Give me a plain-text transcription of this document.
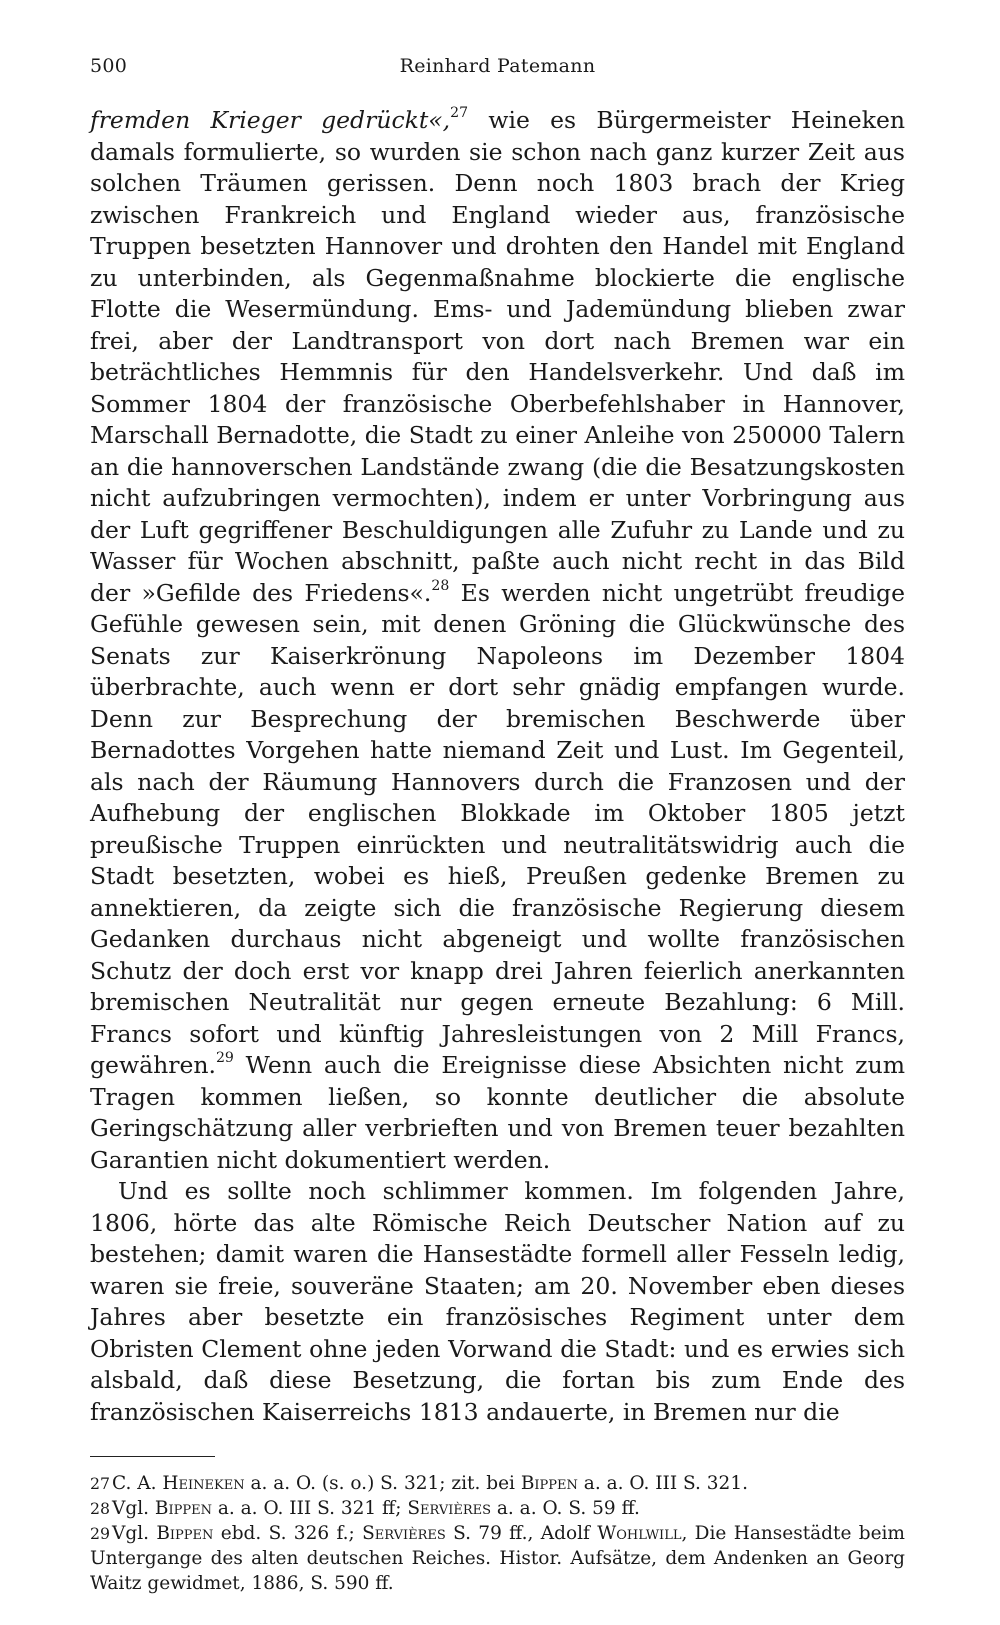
500	Reinhard Patemann

fremden Krieger gedrückt«,$^{27}$ wie es Bürgermeister Heineken damals formulierte, so wurden sie schon nach ganz kurzer Zeit aus solchen Träumen gerissen. Denn noch 1803 brach der Krieg zwischen Frankreich und England wieder aus, französische Truppen besetzten Hannover und drohten den Handel mit England zu unterbinden, als Gegenmaßnahme blockierte die englische Flotte die Wesermündung. Ems- und Jademündung blieben zwar frei, aber der Landtransport von dort nach Bremen war ein beträchtliches Hemmnis für den Handelsverkehr. Und daß im Sommer 1804 der französische Oberbefehlshaber in Hannover, Marschall Bernadotte, die Stadt zu einer Anleihe von 250000 Talern an die hannoverschen Landstände zwang (die die Besatzungskosten nicht aufzubringen vermochten), indem er unter Vorbringung aus der Luft gegriffener Beschuldigungen alle Zufuhr zu Lande und zu Wasser für Wochen abschnitt, paßte auch nicht recht in das Bild der »Gefilde des Friedens«.$^{28}$ Es werden nicht ungetrübt freudige Gefühle gewesen sein, mit denen Gröning die Glückwünsche des Senats zur Kaiserkrönung Napoleons im Dezember 1804 überbrachte, auch wenn er dort sehr gnädig empfangen wurde. Denn zur Besprechung der bremischen Beschwerde über Bernadottes Vorgehen hatte niemand Zeit und Lust. Im Gegenteil, als nach der Räumung Hannovers durch die Franzosen und der Aufhebung der englischen Blokkade im Oktober 1805 jetzt preußische Truppen einrückten und neutralitätswidrig auch die Stadt besetzten, wobei es hieß, Preußen gedenke Bremen zu annektieren, da zeigte sich die französische Regierung diesem Gedanken durchaus nicht abgeneigt und wollte französischen Schutz der doch erst vor knapp drei Jahren feierlich anerkannten bremischen Neutralität nur gegen erneute Bezahlung: 6 Mill. Francs sofort und künftig Jahresleistungen von 2 Mill Francs, gewähren.$^{29}$ Wenn auch die Ereignisse diese Absichten nicht zum Tragen kommen ließen, so konnte deutlicher die absolute Geringschätzung aller verbrieften und von Bremen teuer bezahlten Garantien nicht dokumentiert werden.

Und es sollte noch schlimmer kommen. Im folgenden Jahre, 1806, hörte das alte Römische Reich Deutscher Nation auf zu bestehen; damit waren die Hansestädte formell aller Fesseln ledig, waren sie freie, souveräne Staaten; am 20. November eben dieses Jahres aber besetzte ein französisches Regiment unter dem Obristen Clement ohne jeden Vorwand die Stadt: und es erwies sich alsbald, daß diese Besetzung, die fortan bis zum Ende des französischen Kaiserreichs 1813 andauerte, in Bremen nur die

27 C. A. Heineken a. a. O. (s. o.) S. 321; zit. bei Bippen a. a. O. III S. 321.

28 Vgl. Bippen a. a. O. III S. 321 ff; Servières a. a. O. S. 59 ff.

29 Vgl. Bippen ebd. S. 326 f.; Servières S. 79 ff., Adolf Wohlwill, Die Hansestädte beim Untergange des alten deutschen Reiches. Histor. Aufsätze, dem Andenken an Georg Waitz gewidmet, 1886, S. 590 ff.
